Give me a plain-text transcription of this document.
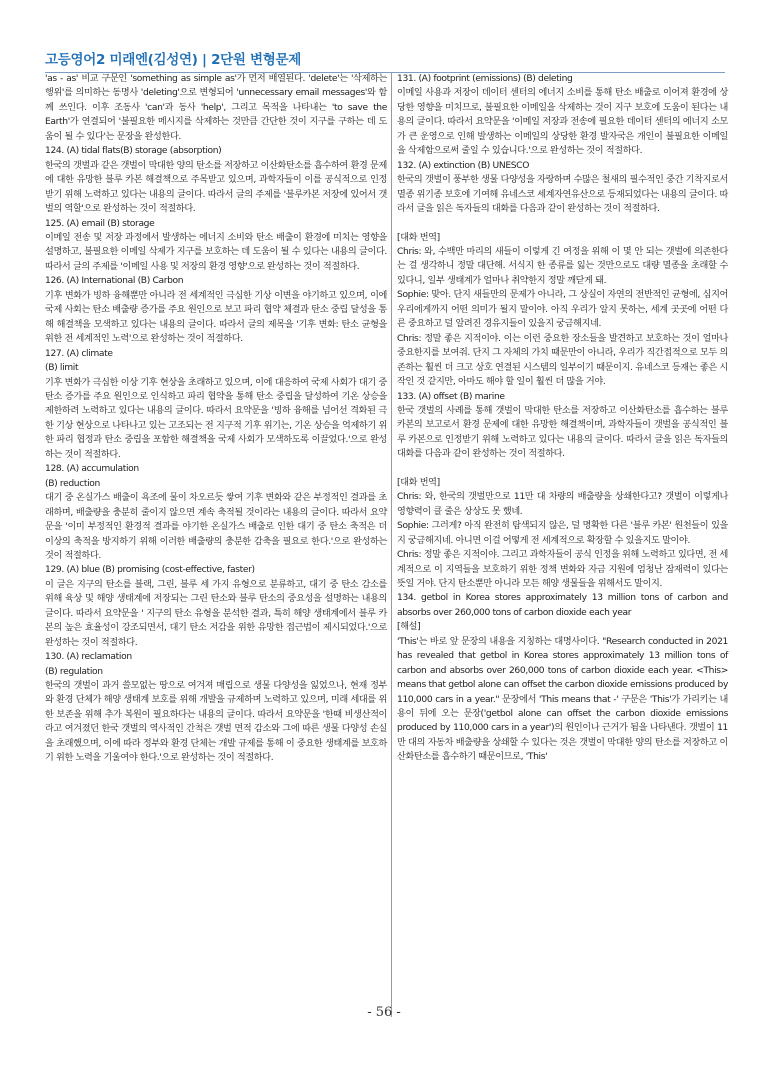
고등영어2 미래엔(김성연) | 2단원 변형문제

'as - as' 비교 구문인 'something as simple as'가 먼저 배열된다. 'delete'는 '삭제하는 행위'를 의미하는 동명사 'deleting'으로 변형되어 'unnecessary email messages'와 함께 쓰인다. 이후 조동사 'can'과 동사 'help', 그리고 목적을 나타내는 'to save the Earth'가 연결되어 '불필요한 메시지를 삭제하는 것만큼 간단한 것이 지구를 구하는 데 도움이 될 수 있다'는 문장을 완성한다.

124. (A) tidal flats(B) storage (absorption)

한국의 갯벌과 같은 갯벌이 막대한 양의 탄소를 저장하고 이산화탄소를 흡수하여 환경 문제에 대한 유망한 블루 카본 해결책으로 주목받고 있으며, 과학자들이 이를 공식적으로 인정받기 위해 노력하고 있다는 내용의 글이다. 따라서 글의 주제를 '블루카본 저장에 있어서 갯벌의 역할'으로 완성하는 것이 적절하다.

125. (A) email (B) storage

이메일 전송 및 저장 과정에서 발생하는 에너지 소비와 탄소 배출이 환경에 미치는 영향을 설명하고, 불필요한 이메일 삭제가 지구를 보호하는 데 도움이 될 수 있다는 내용의 글이다. 따라서 글의 주제를 '이메일 사용 및 저장의 환경 영향'으로 완성하는 것이 적절하다.

126. (A) International (B) Carbon

기후 변화가 빙하 융해뿐만 아니라 전 세계적인 극심한 기상 이변을 야기하고 있으며, 이에 국제 사회는 탄소 배출량 증가를 주요 원인으로 보고 파리 협약 체결과 탄소 중립 달성을 통해 해결책을 모색하고 있다는 내용의 글이다. 따라서 글의 제목을 '기후 변화: 탄소 균형을 위한 전 세계적인 노력'으로 완성하는 것이 적절하다.

127. (A) climate

(B) limit

기후 변화가 극심한 이상 기후 현상을 초래하고 있으며, 이에 대응하여 국제 사회가 대기 중 탄소 증가를 주요 원인으로 인식하고 파리 협약을 통해 탄소 중립을 달성하여 기온 상승을 제한하려 노력하고 있다는 내용의 글이다. 따라서 요약문을 '빙하 융해를 넘어선 격화된 극한 기상 현상으로 나타나고 있는 고조되는 전 지구적 기후 위기는, 기온 상승을 억제하기 위한 파리 협정과 탄소 중립을 포함한 해결책을 국제 사회가 모색하도록 이끌었다.'으로 완성하는 것이 적절하다.

128. (A) accumulation

(B) reduction

대기 중 온실가스 배출이 욕조에 물이 차오르듯 쌓여 기후 변화와 같은 부정적인 결과를 초래하며, 배출량을 충분히 줄이지 않으면 계속 축적될 것이라는 내용의 글이다. 따라서 요약문을 '이미 부정적인 환경적 결과를 야기한 온실가스 배출로 인한 대기 중 탄소 축적은 더 이상의 축적을 방지하기 위해 이러한 배출량의 충분한 감축을 필요로 한다.'으로 완성하는 것이 적절하다.

129. (A) blue (B) promising (cost-effective, faster)

이 글은 지구의 탄소를 블랙, 그린, 블루 세 가지 유형으로 분류하고, 대기 중 탄소 감소를 위해 육상 및 해양 생태계에 저장되는 그린 탄소와 블루 탄소의 중요성을 설명하는 내용의 글이다. 따라서 요약문을 ' 지구의 탄소 유형을 분석한 결과, 특히 해양 생태계에서 블루 카본의 높은 효율성이 강조되면서, 대기 탄소 저감을 위한 유망한 접근법이 제시되었다.'으로 완성하는 것이 적절하다.

130. (A) reclamation

(B) regulation

한국의 갯벌이 과거 쓸모없는 땅으로 여겨져 매립으로 생물 다양성을 잃었으나, 현재 정부와 환경 단체가 해양 생태계 보호를 위해 개발을 규제하며 노력하고 있으며, 미래 세대를 위한 보존을 위해 추가 복원이 필요하다는 내용의 글이다. 따라서 요약문을 '한때 비생산적이라고 여겨졌던 한국 갯벌의 역사적인 간척은 갯벌 면적 감소와 그에 따른 생물 다양성 손실을 초래했으며, 이에 따라 정부와 환경 단체는 개발 규제를 통해 이 중요한 생태계를 보호하기 위한 노력을 기울여야 한다.'으로 완성하는 것이 적절하다.

131. (A) footprint (emissions) (B) deleting

이메일 사용과 저장이 데이터 센터의 에너지 소비를 통해 탄소 배출로 이어져 환경에 상당한 영향을 미치므로, 불필요한 이메일을 삭제하는 것이 지구 보호에 도움이 된다는 내용의 글이다. 따라서 요약문을 '이메일 저장과 전송에 필요한 데이터 센터의 에너지 소모가 큰 운영으로 인해 발생하는 이메일의 상당한 환경 발자국은 개인이 불필요한 이메일을 삭제함으로써 줄일 수 있습니다.'으로 완성하는 것이 적절하다.

132. (A) extinction (B) UNESCO

한국의 갯벌이 풍부한 생물 다양성을 자랑하며 수많은 철새의 필수적인 중간 기착지로서 멸종 위기종 보호에 기여해 유네스코 세계자연유산으로 등재되었다는 내용의 글이다. 따라서 글을 읽은 독자들의 대화를 다음과 같이 완성하는 것이 적절하다.

[대화 번역]

Chris: 와, 수백만 마리의 새들이 이렇게 긴 여정을 위해 이 몇 안 되는 갯벌에 의존한다는 걸 생각하니 정말 대단해. 서식지 한 종류를 잃는 것만으로도 대량 멸종을 초래할 수 있다니, 일부 생태계가 얼마나 취약한지 정말 깨닫게 돼.

Sophie: 맞아. 단지 새들만의 문제가 아니라, 그 상실이 자연의 전반적인 균형에, 심지어 우리에게까지 어떤 의미가 될지 말이야. 아직 우리가 알지 못하는, 세계 곳곳에 어떤 다른 중요하고 덜 알려진 경유지들이 있을지 궁금해지네.

Chris: 정말 좋은 지적이야. 이는 이런 중요한 장소들을 발견하고 보호하는 것이 얼마나 중요한지를 보여줘. 단지 그 자체의 가치 때문만이 아니라, 우리가 직간접적으로 모두 의존하는 훨씬 더 크고 상호 연결된 시스템의 일부이기 때문이지. 유네스코 등재는 좋은 시작인 것 같지만, 아마도 해야 할 일이 훨씬 더 많을 거야.

133. (A) offset (B) marine

한국 갯벌의 사례를 통해 갯벌이 막대한 탄소를 저장하고 이산화탄소를 흡수하는 블루 카본의 보고로서 환경 문제에 대한 유망한 해결책이며, 과학자들이 갯벌을 공식적인 블루 카본으로 인정받기 위해 노력하고 있다는 내용의 글이다. 따라서 글을 읽은 독자들의 대화를 다음과 같이 완성하는 것이 적절하다.

[대화 번역]

Chris: 와, 한국의 갯벌만으로 11만 대 차량의 배출량을 상쇄한다고? 갯벌이 이렇게나 영향력이 클 줄은 상상도 못 했네.

Sophie: 그러게? 아직 완전히 탐색되지 않은, 덜 명확한 다른 '블루 카본' 원천들이 있을지 궁금해지네. 아니면 이걸 어떻게 전 세계적으로 확장할 수 있을지도 말이야.

Chris: 정말 좋은 지적이야. 그리고 과학자들이 공식 인정을 위해 노력하고 있다면, 전 세계적으로 이 지역들을 보호하기 위한 정책 변화와 자금 지원에 엄청난 잠재력이 있다는 뜻일 거야. 단지 탄소뿐만 아니라 모든 해양 생물들을 위해서도 말이지.

134. getbol in Korea stores approximately 13 million tons of carbon and absorbs over 260,000 tons of carbon dioxide each year

[해설]

'This'는 바로 앞 문장의 내용을 지칭하는 대명사이다. "Research conducted in 2021 has revealed that getbol in Korea stores approximately 13 million tons of carbon and absorbs over 260,000 tons of carbon dioxide each year. <This> means that getbol alone can offset the carbon dioxide emissions produced by 110,000 cars in a year." 문장에서 'This means that -' 구문은 'This'가 가리키는 내용이 뒤에 오는 문장('getbol alone can offset the carbon dioxide emissions produced by 110,000 cars in a year')의 원인이나 근거가 됨을 나타낸다. 갯벌이 11만 대의 자동차 배출량을 상쇄할 수 있다는 것은 갯벌이 막대한 양의 탄소를 저장하고 이산화탄소를 흡수하기 때문이므로, 'This'

- 56 -
